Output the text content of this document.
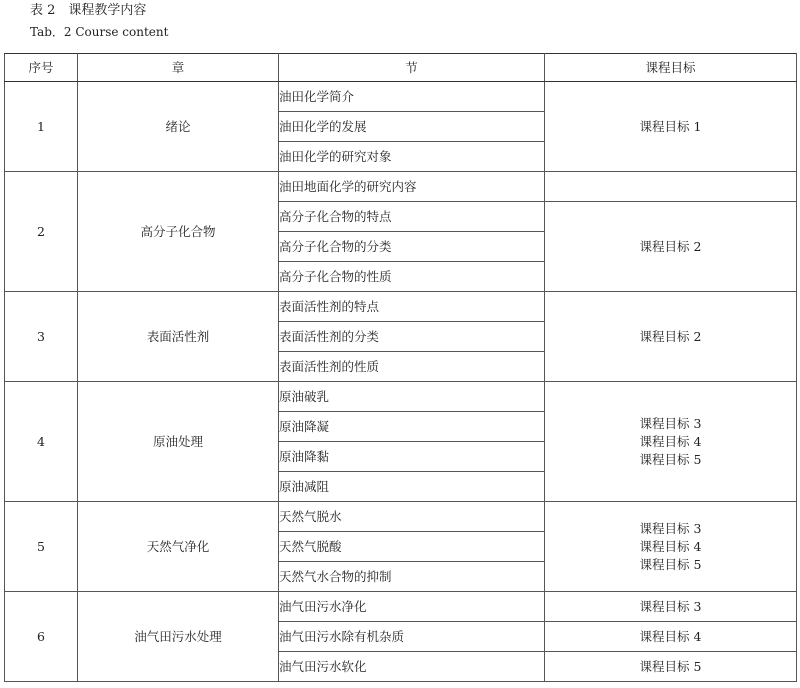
表 2　课程教学内容
Tab．2 Course content
序号	章	节	课程目标
1	绪论	油田化学简介	课程目标 1

		油田化学的发展	
		油田化学的研究对象	
2	高分子化合物	油田地面化学的研究内容	
		高分子化合物的特点	课程目标 2

		高分子化合物的分类	
		高分子化合物的性质	
3	表面活性剂	表面活性剂的特点	课程目标 2

		表面活性剂的分类	
		表面活性剂的性质	
4	原油处理	原油破乳	课程目标 3
课程目标 4
课程目标 5

		原油降凝	
		原油降黏	
		原油减阻	
5	天然气净化	天然气脱水	课程目标 3
课程目标 4
课程目标 5

		天然气脱酸	
		天然气水合物的抑制	
6	油气田污水处理	油气田污水净化	课程目标 3

		油气田污水除有机杂质	课程目标 4

		油气田污水软化	课程目标 5
